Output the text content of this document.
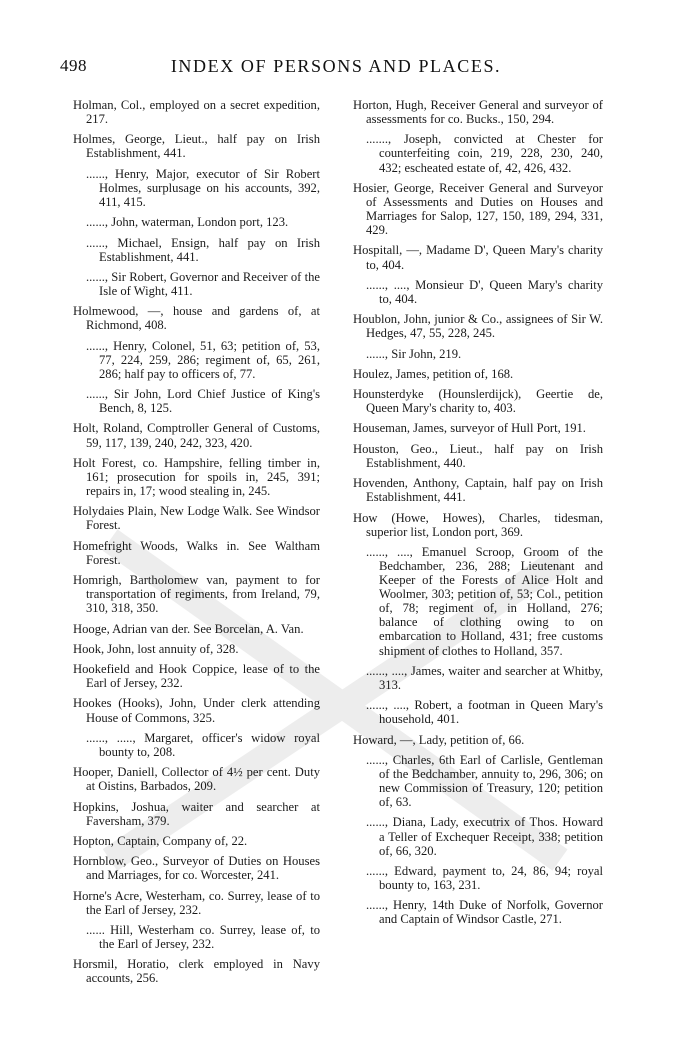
498	INDEX OF PERSONS AND PLACES.

Holman, Col., employed on a secret expedition, 217.

Holmes, George, Lieut., half pay on Irish Establishment, 441.

......, Henry, Major, executor of Sir Robert Holmes, surplusage on his accounts, 392, 411, 415.

......, John, waterman, London port, 123.

......, Michael, Ensign, half pay on Irish Establishment, 441.

......, Sir Robert, Governor and Receiver of the Isle of Wight, 411.

Holmewood, —, house and gardens of, at Richmond, 408.

......, Henry, Colonel, 51, 63; petition of, 53, 77, 224, 259, 286; regiment of, 65, 261, 286; half pay to officers of, 77.

......, Sir John, Lord Chief Justice of King's Bench, 8, 125.

Holt, Roland, Comptroller General of Customs, 59, 117, 139, 240, 242, 323, 420.

Holt Forest, co. Hampshire, felling timber in, 161; prosecution for spoils in, 245, 391; repairs in, 17; wood stealing in, 245.

Holydaies Plain, New Lodge Walk. See Windsor Forest.

Homefright Woods, Walks in. See Waltham Forest.

Homrigh, Bartholomew van, payment to for transportation of regiments, from Ireland, 79, 310, 318, 350.

Hooge, Adrian van der. See Borcelan, A. Van.

Hook, John, lost annuity of, 328.

Hookefield and Hook Coppice, lease of to the Earl of Jersey, 232.

Hookes (Hooks), John, Under clerk attending House of Commons, 325.

......, ....., Margaret, officer's widow royal bounty to, 208.

Hooper, Daniell, Collector of 4½ per cent. Duty at Oistins, Barbados, 209.

Hopkins, Joshua, waiter and searcher at Faversham, 379.

Hopton, Captain, Company of, 22.

Hornblow, Geo., Surveyor of Duties on Houses and Marriages, for co. Worcester, 241.

Horne's Acre, Westerham, co. Surrey, lease of to the Earl of Jersey, 232.

...... Hill, Westerham co. Surrey, lease of, to the Earl of Jersey, 232.

Horsmil, Horatio, clerk employed in Navy accounts, 256.

Horton, Hugh, Receiver General and surveyor of assessments for co. Bucks., 150, 294.

......., Joseph, convicted at Chester for counterfeiting coin, 219, 228, 230, 240, 432; escheated estate of, 42, 426, 432.

Hosier, George, Receiver General and Surveyor of Assessments and Duties on Houses and Marriages for Salop, 127, 150, 189, 294, 331, 429.

Hospitall, —, Madame D', Queen Mary's charity to, 404.

......, ...., Monsieur D', Queen Mary's charity to, 404.

Houblon, John, junior & Co., assignees of Sir W. Hedges, 47, 55, 228, 245.

......, Sir John, 219.

Houlez, James, petition of, 168.

Hounsterdyke (Hounslerdijck), Geertie de, Queen Mary's charity to, 403.

Houseman, James, surveyor of Hull Port, 191.

Houston, Geo., Lieut., half pay on Irish Establishment, 440.

Hovenden, Anthony, Captain, half pay on Irish Establishment, 441.

How (Howe, Howes), Charles, tidesman, superior list, London port, 369.

......, ...., Emanuel Scroop, Groom of the Bedchamber, 236, 288; Lieutenant and Keeper of the Forests of Alice Holt and Woolmer, 303; petition of, 53; Col., petition of, 78; regiment of, in Holland, 276; balance of clothing owing to on embarcation to Holland, 431; free customs shipment of clothes to Holland, 357.

......, ...., James, waiter and searcher at Whitby, 313.

......, ...., Robert, a footman in Queen Mary's household, 401.

Howard, —, Lady, petition of, 66.

......, Charles, 6th Earl of Carlisle, Gentleman of the Bedchamber, annuity to, 296, 306; on new Commission of Treasury, 120; petition of, 63.

......, Diana, Lady, executrix of Thos. Howard a Teller of Exchequer Receipt, 338; petition of, 66, 320.

......, Edward, payment to, 24, 86, 94; royal bounty to, 163, 231.

......, Henry, 14th Duke of Norfolk, Governor and Captain of Windsor Castle, 271.
